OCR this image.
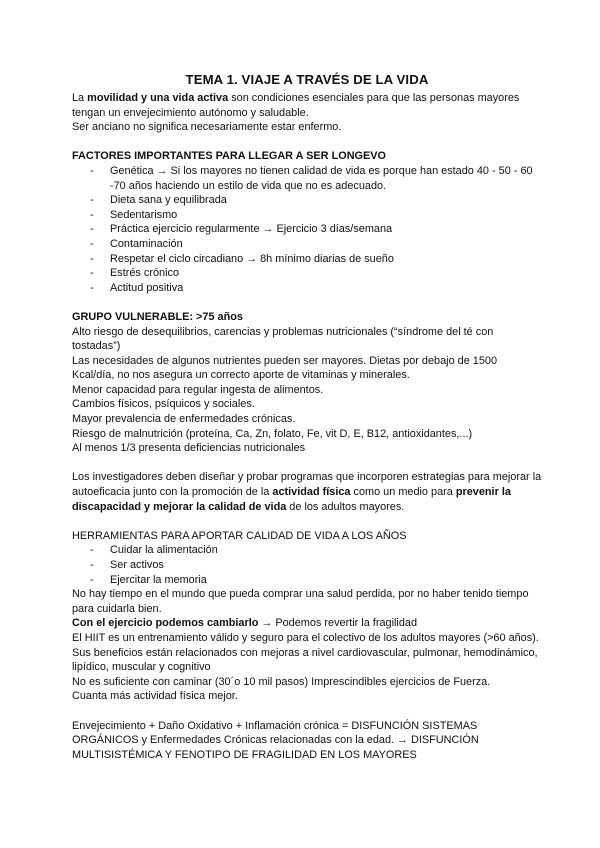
TEMA 1. VIAJE A TRAVÉS DE LA VIDA

La movilidad y una vida activa son condiciones esenciales para que las personas mayores tengan un envejecimiento autónomo y saludable.

Ser anciano no significa necesariamente estar enfermo.

FACTORES IMPORTANTES PARA LLEGAR A SER LONGEVO

- Genética → Si los mayores no tienen calidad de vida es porque han estado 40 - 50 - 60 -70 años haciendo un estilo de vida que no es adecuado.
- Dieta sana y equilibrada
- Sedentarismo
- Práctica ejercicio regularmente → Ejercicio 3 días/semana
- Contaminación
- Respetar el ciclo circadiano → 8h mínimo diarias de sueño
- Estrés crónico
- Actitud positiva

GRUPO VULNERABLE: >75 años

Alto riesgo de desequilibrios, carencias y problemas nutricionales (“síndrome del té con tostadas”)

Las necesidades de algunos nutrientes pueden ser mayores. Dietas por debajo de 1500 Kcal/día, no nos asegura un correcto aporte de vitaminas y minerales.

Menor capacidad para regular ingesta de alimentos.

Cambios físicos, psíquicos y sociales.

Mayor prevalencia de enfermedades crónicas.

Riesgo de malnutrición (proteína, Ca, Zn, folato, Fe, vit D, E, B12, antioxidantes,...)

Al menos 1/3 presenta deficiencias nutricionales

Los investigadores deben diseñar y probar programas que incorporen estrategias para mejorar la autoeficacia junto con la promoción de la actividad física como un medio para prevenir la discapacidad y mejorar la calidad de vida de los adultos mayores.

HERRAMIENTAS PARA APORTAR CALIDAD DE VIDA A LOS AÑOS

- Cuidar la alimentación
- Ser activos
- Ejercitar la memoria

No hay tiempo en el mundo que pueda comprar una salud perdida, por no haber tenido tiempo para cuidarla bien.

Con el ejercicio podemos cambiarlo → Podemos revertir la fragilidad

El HIIT es un entrenamiento válido y seguro para el colectivo de los adultos mayores (>60 años). Sus beneficios están relacionados con mejoras a nivel cardiovascular, pulmonar, hemodinámico, lipídico, muscular y cognitivo

No es suficiente con caminar (30´o 10 mil pasos) Imprescindibles ejercicios de Fuerza.

Cuanta más actividad física mejor.

Envejecimiento + Daño Oxidativo + Inflamación crónica = DISFUNCIÓN SISTEMAS ORGÁNICOS y Enfermedades Crónicas relacionadas con la edad. → DISFUNCIÓN MULTISISTÉMICA Y FENOTIPO DE FRAGILIDAD EN LOS MAYORES
